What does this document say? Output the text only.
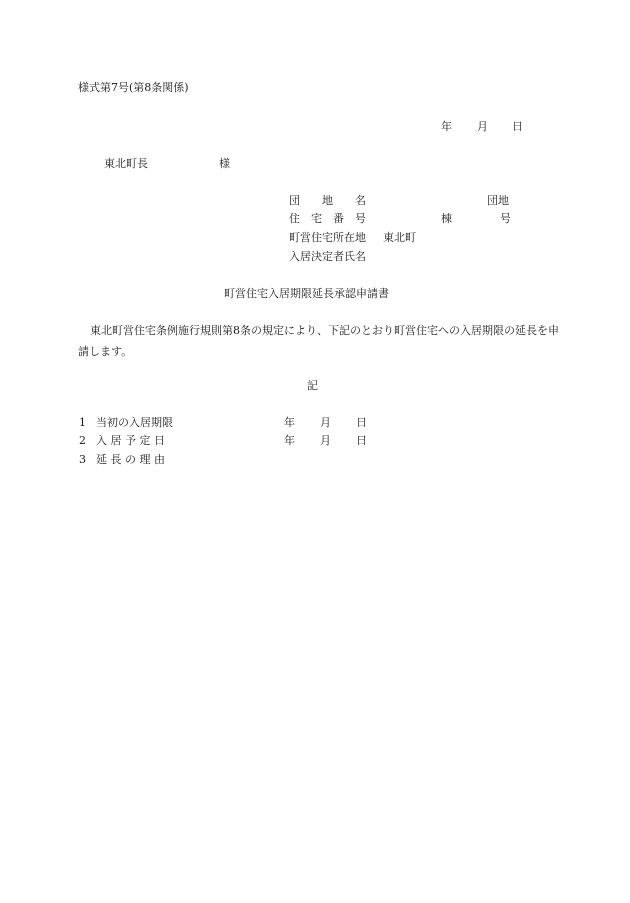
様式第7号(第8条関係)
年 月 日
東北町長	様
団　　地　　名	団地
住　宅　番　号	棟	号
町営住宅所在地 東北町
入居決定者氏名
町営住宅入居期限延長承認申請書
東北町営住宅条例施行規則第8条の規定により、下記のとおり町営住宅への入居期限の延長を申請します。
記
1 当初の入居期限	年 月 日
2 入 居 予 定 日	年 月 日
3 延 長 の 理 由
